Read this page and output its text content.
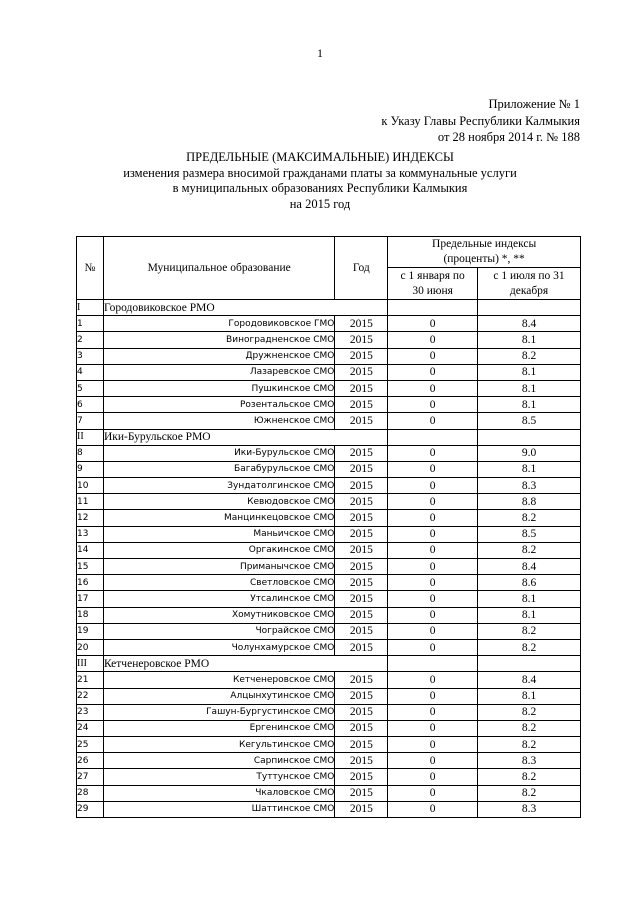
1
Приложение № 1
к Указу Главы Республики Калмыкия
от 28 ноября 2014 г. № 188
ПРЕДЕЛЬНЫЕ (МАКСИМАЛЬНЫЕ) ИНДЕКСЫ
изменения размера вносимой гражданами платы за коммунальные услуги
в муниципальных образованиях Республики Калмыкия
на 2015 год
№	Муниципальное образование	Год	Предельные индексы (проценты) *, **	
			с 1 января по 30 июня	с 1 июля по 31 декабря
I	Городовиковское РМО			
1	Городовиковское ГМО	2015	0	8.4
2	Виноградненское СМО	2015	0	8.1
3	Дружненское СМО	2015	0	8.2
4	Лазаревское СМО	2015	0	8.1
5	Пушкинское СМО	2015	0	8.1
6	Розентальское СМО	2015	0	8.1
7	Южненское СМО	2015	0	8.5
II	Ики-Бурульское РМО			
8	Ики-Бурульское СМО	2015	0	9.0
9	Багабурульское СМО	2015	0	8.1
10	Зундатолгинское СМО	2015	0	8.3
11	Кевюдовское СМО	2015	0	8.8
12	Манцинкецовское СМО	2015	0	8.2
13	Маньичское СМО	2015	0	8.5
14	Оргакинское СМО	2015	0	8.2
15	Приманычское СМО	2015	0	8.4
16	Светловское СМО	2015	0	8.6
17	Утсалинское СМО	2015	0	8.1
18	Хомутниковское СМО	2015	0	8.1
19	Чограйское СМО	2015	0	8.2
20	Чолунхамурское СМО	2015	0	8.2
III	Кетченеровское РМО			
21	Кетченеровское СМО	2015	0	8.4
22	Алцынхутинское СМО	2015	0	8.1
23	Гашун-Бургустинское СМО	2015	0	8.2
24	Ергенинское СМО	2015	0	8.2
25	Кегультинское СМО	2015	0	8.2
26	Сарпинское СМО	2015	0	8.3
27	Туттунское СМО	2015	0	8.2
28	Чкаловское СМО	2015	0	8.2
29	Шаттинское СМО	2015	0	8.3
